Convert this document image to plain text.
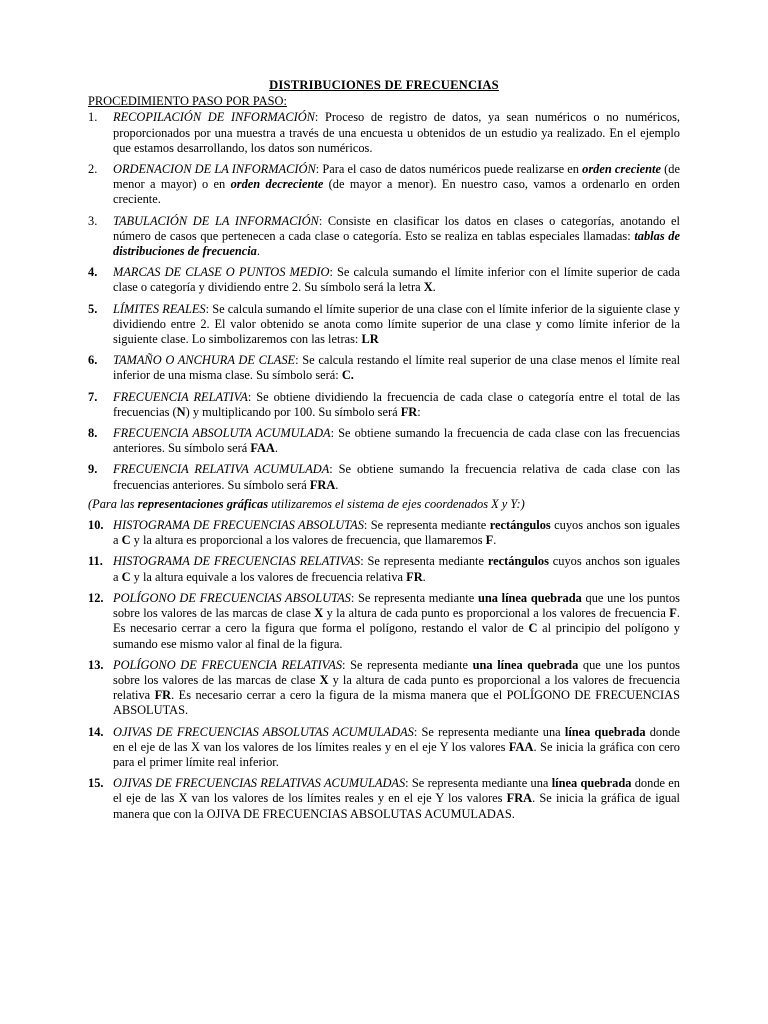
DISTRIBUCIONES DE FRECUENCIAS
PROCEDIMIENTO PASO POR PASO:
1.	RECOPILACIÓN DE INFORMACIÓN: Proceso de registro de datos, ya sean numéricos o no numéricos, proporcionados por una muestra a través de una encuesta u obtenidos de un estudio ya realizado. En el ejemplo que estamos desarrollando, los datos son numéricos.
2.	ORDENACION DE LA INFORMACIÓN: Para el caso de datos numéricos puede realizarse en orden creciente (de menor a mayor) o en orden decreciente (de mayor a menor). En nuestro caso, vamos a ordenarlo en orden creciente.
3.	TABULACIÓN DE LA INFORMACIÓN: Consiste en clasificar los datos en clases o categorías, anotando el número de casos que pertenecen a cada clase o categoría. Esto se realiza en tablas especiales llamadas: tablas de distribuciones de frecuencia.
4.	MARCAS DE CLASE O PUNTOS MEDIO: Se calcula sumando el límite inferior con el límite superior de cada clase o categoría y dividiendo entre 2. Su símbolo será la letra X.
5.	LÍMITES REALES: Se calcula sumando el límite superior de una clase con el límite inferior de la siguiente clase y dividiendo entre 2. El valor obtenido se anota como límite superior de una clase y como límite inferior de la siguiente clase. Lo simbolizaremos con las letras: LR
6.	TAMAÑO O ANCHURA DE CLASE: Se calcula restando el límite real superior de una clase menos el límite real inferior de una misma clase. Su símbolo será: C.
7.	FRECUENCIA RELATIVA: Se obtiene dividiendo la frecuencia de cada clase o categoría entre el total de las frecuencias (N) y multiplicando por 100. Su símbolo será FR:
8.	FRECUENCIA ABSOLUTA ACUMULADA: Se obtiene sumando la frecuencia de cada clase con las frecuencias anteriores. Su símbolo será FAA.
9.	FRECUENCIA RELATIVA ACUMULADA: Se obtiene sumando la frecuencia relativa de cada clase con las frecuencias anteriores. Su símbolo será FRA.
(Para las representaciones gráficas utilizaremos el sistema de ejes coordenados X y Y:)
10. HISTOGRAMA DE FRECUENCIAS ABSOLUTAS: Se representa mediante rectángulos cuyos anchos son iguales a C y la altura es proporcional a los valores de frecuencia, que llamaremos F.
11. HISTOGRAMA DE FRECUENCIAS RELATIVAS: Se representa mediante rectángulos cuyos anchos son iguales a C y la altura equivale a los valores de frecuencia relativa FR.
12. POLÍGONO DE FRECUENCIAS ABSOLUTAS: Se representa mediante una línea quebrada que une los puntos sobre los valores de las marcas de clase X y la altura de cada punto es proporcional a los valores de frecuencia F. Es necesario cerrar a cero la figura que forma el polígono, restando el valor de C al principio del polígono y sumando ese mismo valor al final de la figura.
13. POLÍGONO DE FRECUENCIA RELATIVAS: Se representa mediante una línea quebrada que une los puntos sobre los valores de las marcas de clase X y la altura de cada punto es proporcional a los valores de frecuencia relativa FR. Es necesario cerrar a cero la figura de la misma manera que el POLÍGONO DE FRECUENCIAS ABSOLUTAS.
14. OJIVAS DE FRECUENCIAS ABSOLUTAS ACUMULADAS: Se representa mediante una línea quebrada donde en el eje de las X van los valores de los límites reales y en el eje Y los valores FAA. Se inicia la gráfica con cero para el primer límite real inferior.
15. OJIVAS DE FRECUENCIAS RELATIVAS ACUMULADAS: Se representa mediante una línea quebrada donde en el eje de las X van los valores de los límites reales y en el eje Y los valores FRA. Se inicia la gráfica de igual manera que con la OJIVA DE FRECUENCIAS ABSOLUTAS ACUMULADAS.
